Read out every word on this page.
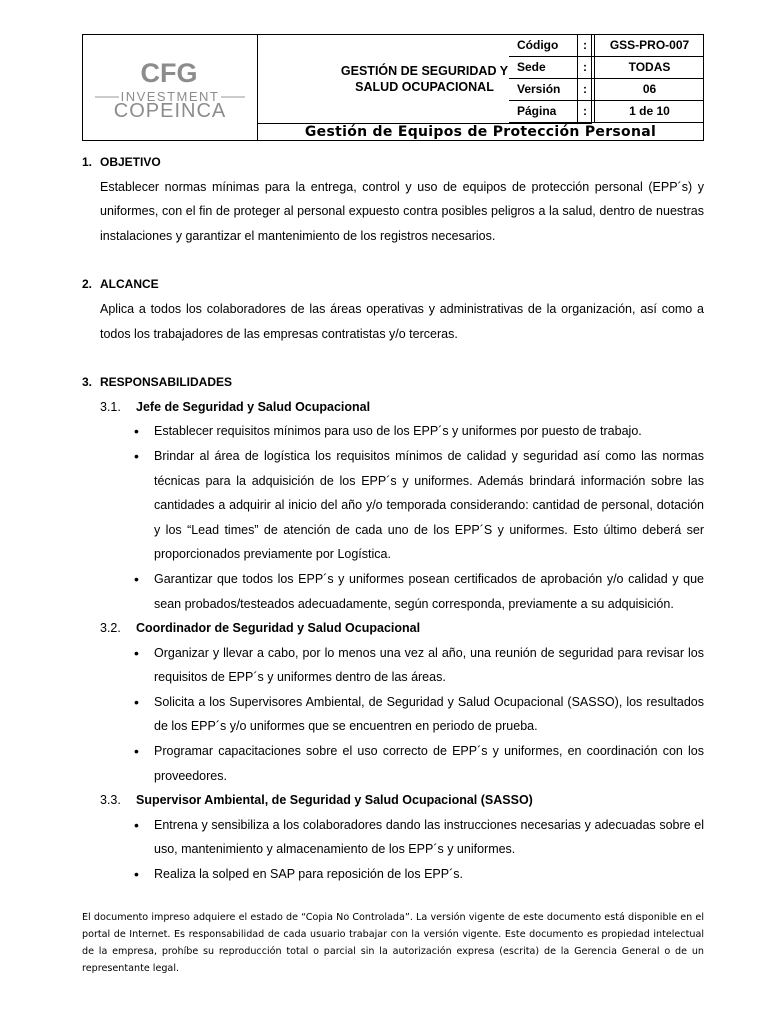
CFG
INVESTMENT
COPEINCA
GESTIÓN DE SEGURIDAD Y
SALUD OCUPACIONAL
Gestión de Equipos de Protección Personal
Código :	GSS-PRO-007
Sede	:	TODAS
Versión :	06
Página :	1 de 10
1. OBJETIVO
Establecer normas mínimas para la entrega, control y uso de equipos de protección personal (EPP´s) y uniformes, con el fin de proteger al personal expuesto contra posibles peligros a la salud, dentro de nuestras instalaciones y garantizar el mantenimiento de los registros necesarios.
2. ALCANCE
Aplica a todos los colaboradores de las áreas operativas y administrativas de la organización, así como a todos los trabajadores de las empresas contratistas y/o terceras.
3. RESPONSABILIDADES
3.1. Jefe de Seguridad y Salud Ocupacional
• Establecer requisitos mínimos para uso de los EPP´s y uniformes por puesto de trabajo.
• Brindar al área de logística los requisitos mínimos de calidad y seguridad así como las normas técnicas para la adquisición de los EPP´s y uniformes. Además brindará información sobre las cantidades a adquirir al inicio del año y/o temporada considerando: cantidad de personal, dotación y los “Lead times” de atención de cada uno de los EPP´S y uniformes. Esto último deberá ser proporcionados previamente por Logística.
• Garantizar que todos los EPP´s y uniformes posean certificados de aprobación y/o calidad y que sean probados/testeados adecuadamente, según corresponda, previamente a su adquisición.
3.2. Coordinador de Seguridad y Salud Ocupacional
• Organizar y llevar a cabo, por lo menos una vez al año, una reunión de seguridad para revisar los requisitos de EPP´s y uniformes dentro de las áreas.
• Solicita a los Supervisores Ambiental, de Seguridad y Salud Ocupacional (SASSO), los resultados de los EPP´s y/o uniformes que se encuentren en periodo de prueba.
• Programar capacitaciones sobre el uso correcto de EPP´s y uniformes, en coordinación con los proveedores.
3.3. Supervisor Ambiental, de Seguridad y Salud Ocupacional (SASSO)
• Entrena y sensibiliza a los colaboradores dando las instrucciones necesarias y adecuadas sobre el uso, mantenimiento y almacenamiento de los EPP´s y uniformes.
• Realiza la solped en SAP para reposición de los EPP´s.
El documento impreso adquiere el estado de “Copia No Controlada”. La versión vigente de este documento está disponible en el portal de Internet. Es responsabilidad de cada usuario trabajar con la versión vigente. Este documento es propiedad intelectual de la empresa, prohíbe su reproducción total o parcial sin la autorización expresa (escrita) de la Gerencia General o de un representante legal.
